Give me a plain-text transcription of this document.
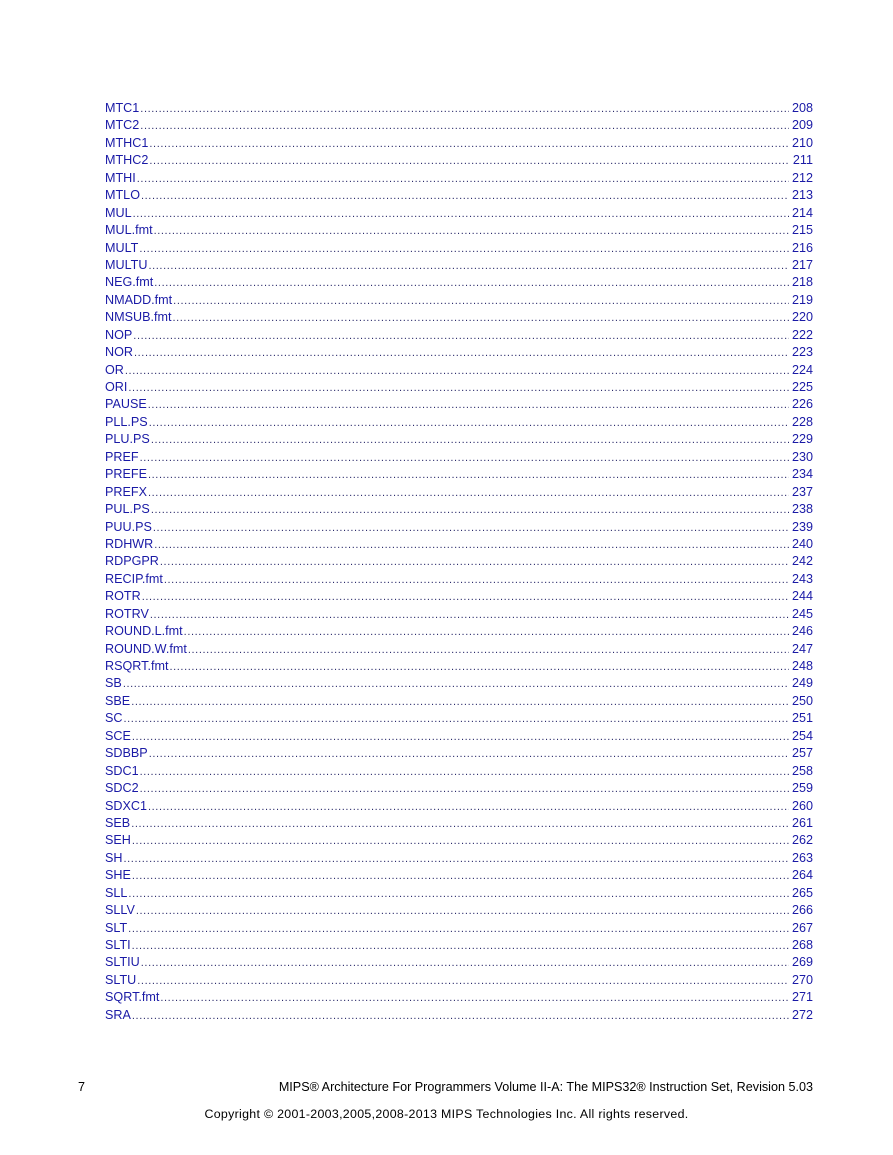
MTC1 .....	208
MTC2 .....	209
MTHC1 .....	210
MTHC2 .....	211
MTHI .....	212
MTLO .....	213
MUL .....	214
MUL.fmt .....	215
MULT .....	216
MULTU .....	217
NEG.fmt .....	218
NMADD.fmt .....	219
NMSUB.fmt .....	220
NOP .....	222
NOR .....	223
OR .....	224
ORI .....	225
PAUSE .....	226
PLL.PS .....	228
PLU.PS .....	229
PREF .....	230
PREFE .....	234
PREFX .....	237
PUL.PS .....	238
PUU.PS .....	239
RDHWR .....	240
RDPGPR .....	242
RECIP.fmt .....	243
ROTR .....	244
ROTRV .....	245
ROUND.L.fmt .....	246
ROUND.W.fmt .....	247
RSQRT.fmt .....	248
SB .....	249
SBE .....	250
SC .....	251
SCE .....	254
SDBBP .....	257
SDC1 .....	258
SDC2 .....	259
SDXC1 .....	260
SEB .....	261
SEH .....	262
SH .....	263
SHE .....	264
SLL .....	265
SLLV .....	266
SLT .....	267
SLTI .....	268
SLTIU .....	269
SLTU .....	270
SQRT.fmt .....	271
SRA .....	272
7	MIPS® Architecture For Programmers Volume II-A: The MIPS32® Instruction Set, Revision 5.03
Copyright © 2001-2003,2005,2008-2013 MIPS Technologies Inc. All rights reserved.
